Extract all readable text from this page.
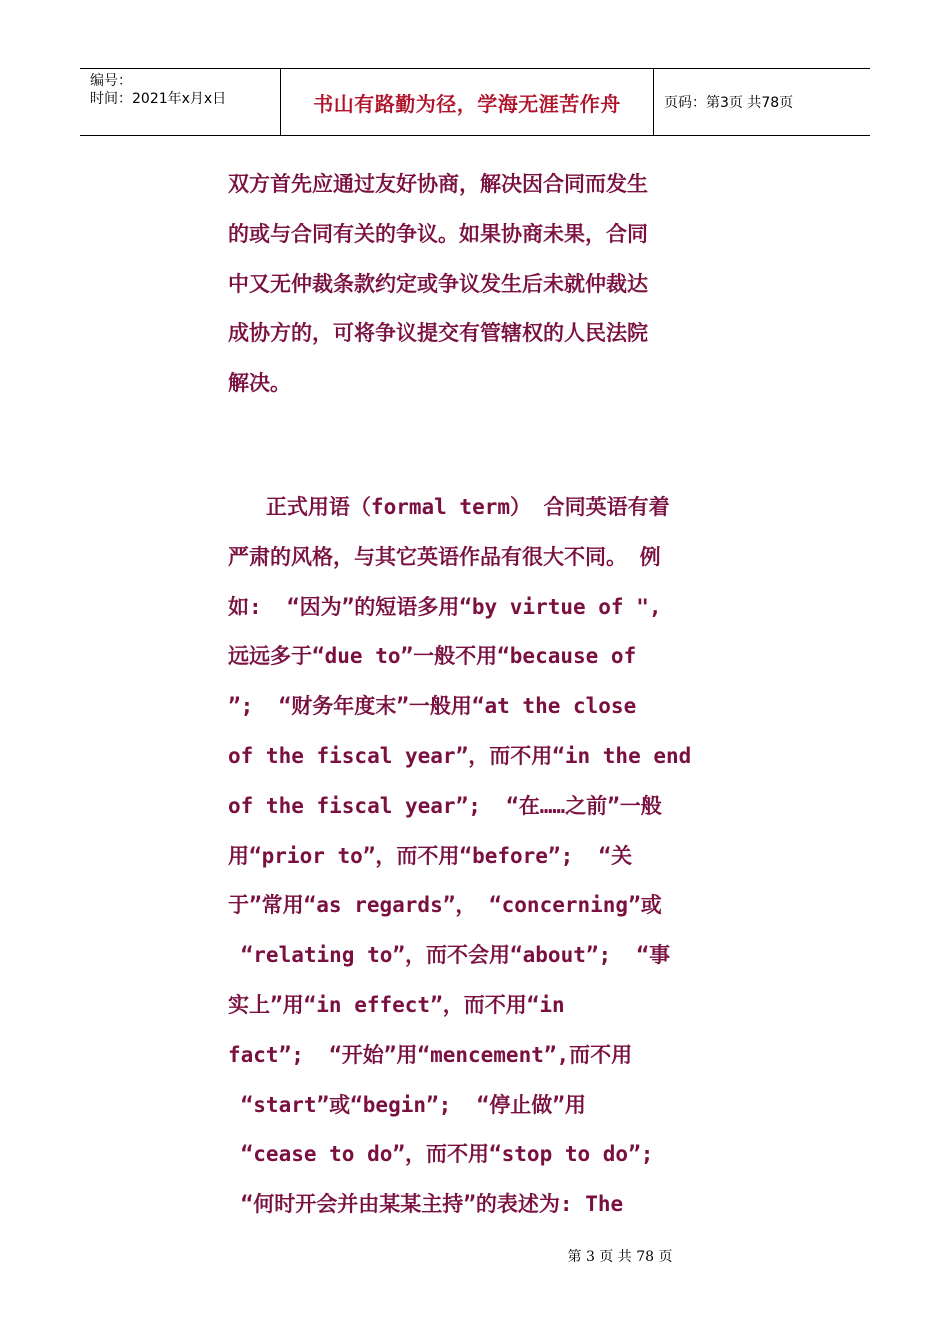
编号：
时间：2021年x月x日	书山有路勤为径，学海无涯苦作舟	页码：第3页 共78页

双方首先应通过友好协商，解决因合同而发生

的或与合同有关的争议。如果协商未果，合同

中又无仲裁条款约定或争议发生后未就仲裁达

成协方的，可将争议提交有管辖权的人民法院

解决。

正式用语（formal term） 合同英语有着

严肃的风格，与其它英语作品有很大不同。 例

如:  “因为”的短语多用“by virtue of ",

远远多于“due to”一般不用“because of

”;  “财务年度末”一般用“at the close

of the fiscal year”，而不用“in the end

of the fiscal year”;  “在……之前”一般

用“prior to”，而不用“before”;  “关

于”常用“as regards”， “concerning”或

“relating to”，而不会用“about”;  “事

实上”用“in effect”，而不用“in

fact”;  “开始”用“mencement”,而不用

“start”或“begin”;  “停止做”用

“cease to do”，而不用“stop to do”;

“何时开会并由某某主持”的表述为: The

第 3 页 共 78 页
